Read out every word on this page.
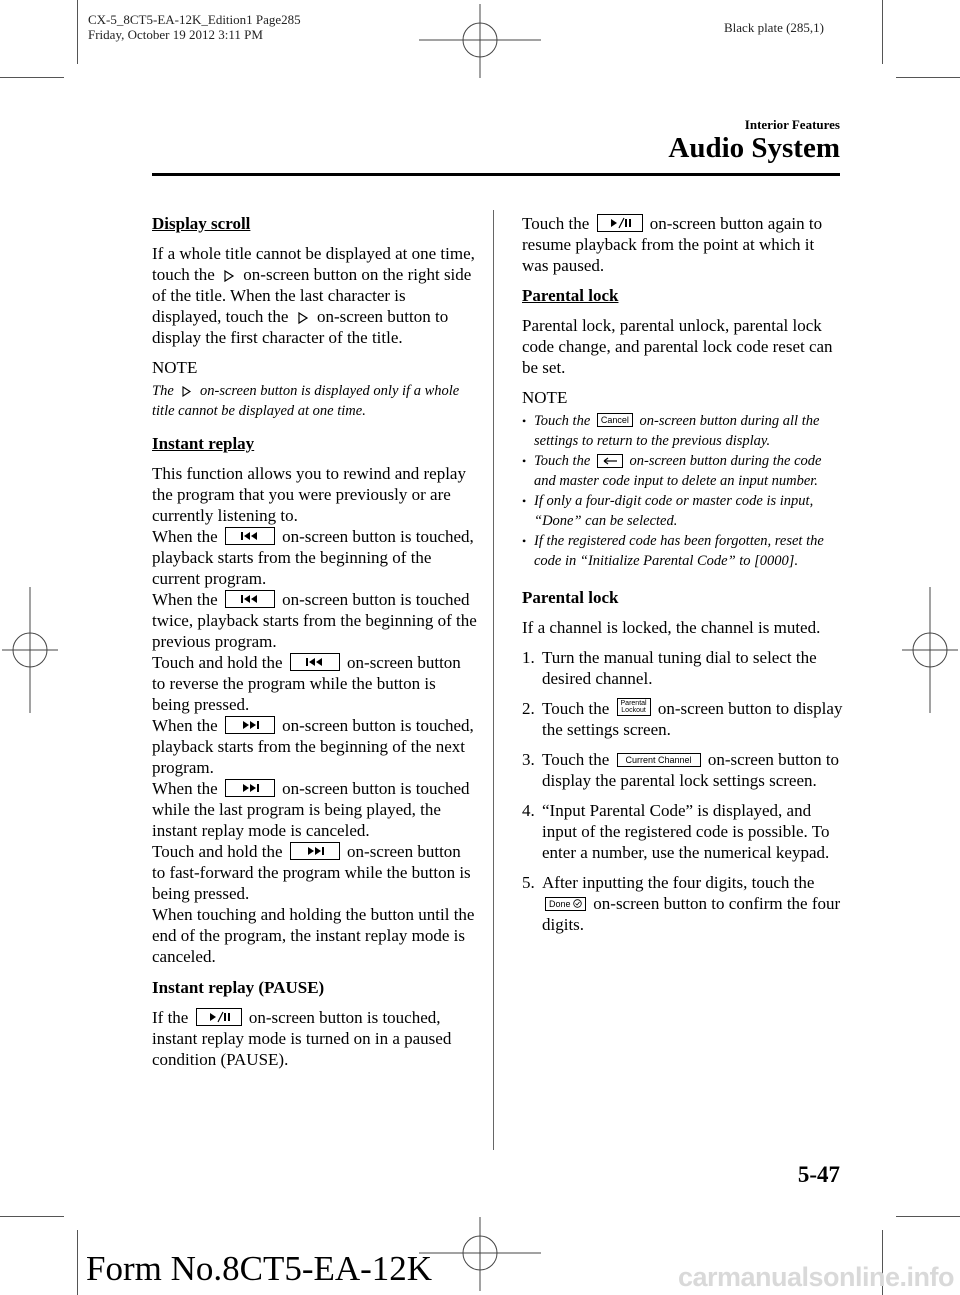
CX-5_8CT5-EA-12K_Edition1 Page285
Friday, October 19 2012 3:11 PM	Black plate (285,1)
Interior Features
Audio System
Display scroll

If a whole title cannot be displayed at one time, touch the on-screen button on the right side of the title. When the last character is displayed, touch the on-screen button to display the first character of the title.

NOTE
The on-screen button is displayed only if a whole title cannot be displayed at one time.
Instant replay

This function allows you to rewind and replay the program that you were previously or are currently listening to.
When the	on-screen button is touched, playback starts from the beginning of the current program.
When the	on-screen button is touched twice, playback starts from the beginning of the previous program.
Touch and hold the	on-screen button to reverse the program while the button is being pressed.
When the	on-screen button is touched, playback starts from the beginning of the next program.
When the	on-screen button is touched while the last program is being played, the instant replay mode is canceled.
Touch and hold the	on-screen button to fast-forward the program while the button is being pressed.
When touching and holding the button until the end of the program, the instant replay mode is canceled.

Instant replay (PAUSE)

If the	on-screen button is touched, instant replay mode is turned on in a paused condition (PAUSE).

Touch the	on-screen button again to resume playback from the point at which it was paused.

Parental lock

Parental lock, parental unlock, parental lock code change, and parental lock code reset can be set.

NOTE
• Touch the Cancel on-screen button during all the settings to return to the previous display.
• Touch the	on-screen button during the code and master code input to delete an input number.
• If only a four-digit code or master code is input, “Done” can be selected.
• If the registered code has been forgotten, reset the code in “Initialize Parental Code” to [0000].
Parental lock

If a channel is locked, the channel is muted.

1. Turn the manual tuning dial to select the desired channel.
2. Touch the Parental
Lockout on-screen button to display the settings screen.
3. Touch the Current Channel on-screen button to display the parental lock settings screen.
4. “Input Parental Code” is displayed, and input of the registered code is possible. To enter a number, use the numerical keypad.
5. After inputting the four digits, touch the Done on-screen button to confirm the four digits.
5-47
Form No.8CT5-EA-12K	carmanualsonline.info
